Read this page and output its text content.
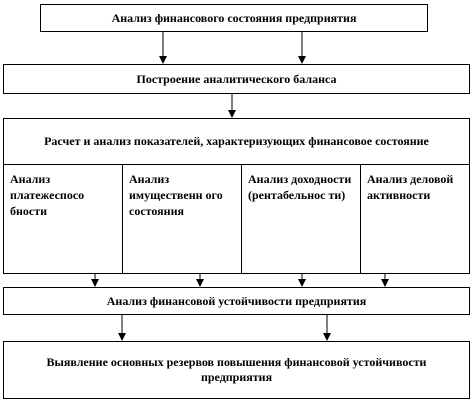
Анализ финансового состояния предприятия
Построение аналитического баланса
Расчет и анализ показателей, характеризующих финансовое состояние
Анализ платежеспосо бности
Анализ имущественн ого состояния
Анализ доходности (рентабельнос ти)
Анализ деловой активности
Анализ финансовой устойчивости предприятия
Выявление основных резервов повышения финансовой устойчивости предприятия
